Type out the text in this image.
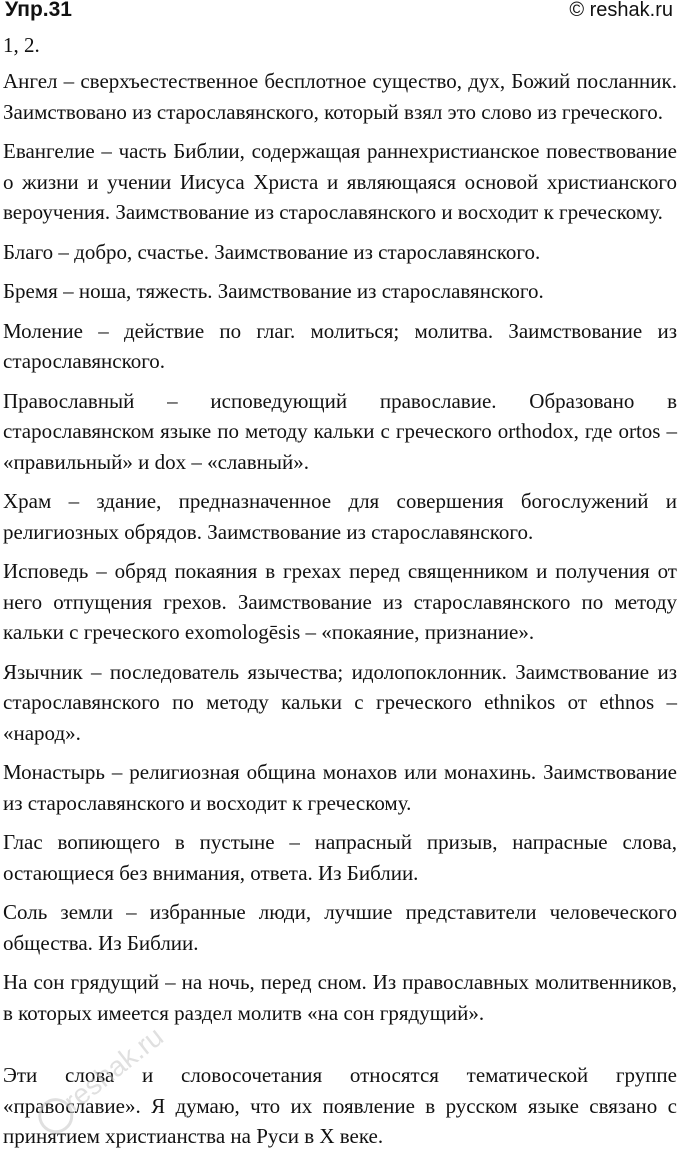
Упр.31	© reshak.ru
1, 2.

Ангел – сверхъестественное бесплотное существо, дух, Божий посланник. Заимствовано из старославянского, который взял это слово из греческого.

Евангелие – часть Библии, содержащая раннехристианское повествование о жизни и учении Иисуса Христа и являющаяся основой христианского вероучения. Заимствование из старославянского и восходит к греческому.

Благо – добро, счастье. Заимствование из старославянского.

Бремя – ноша, тяжесть. Заимствование из старославянского.

Моление – действие по глаг. молиться; молитва. Заимствование из старославянского.

Православный – исповедующий православие. Образовано в старославянском языке по методу кальки с греческого orthodox, где ortos – «правильный» и dox – «славный».

Храм – здание, предназначенное для совершения богослужений и религиозных обрядов. Заимствование из старославянского.

Исповедь – обряд покаяния в грехах перед священником и получения от него отпущения грехов. Заимствование из старославянского по методу кальки с греческого exomologēsis – «покаяние, признание».

Язычник – последователь язычества; идолопоклонник. Заимствование из старославянского по методу кальки с греческого ethnikos от ethnos – «народ».

Монастырь – религиозная община монахов или монахинь. Заимствование из старославянского и восходит к греческому.

Глас вопиющего в пустыне – напрасный призыв, напрасные слова, остающиеся без внимания, ответа. Из Библии.

Соль земли – избранные люди, лучшие представители человеческого общества. Из Библии.

На сон грядущий – на ночь, перед сном. Из православных молитвенников, в которых имеется раздел молитв «на сон грядущий».

Эти слова и словосочетания относятся тематической группе «православие». Я думаю, что их появление в русском языке связано с принятием христианства на Руси в X веке.

reshak.ru
